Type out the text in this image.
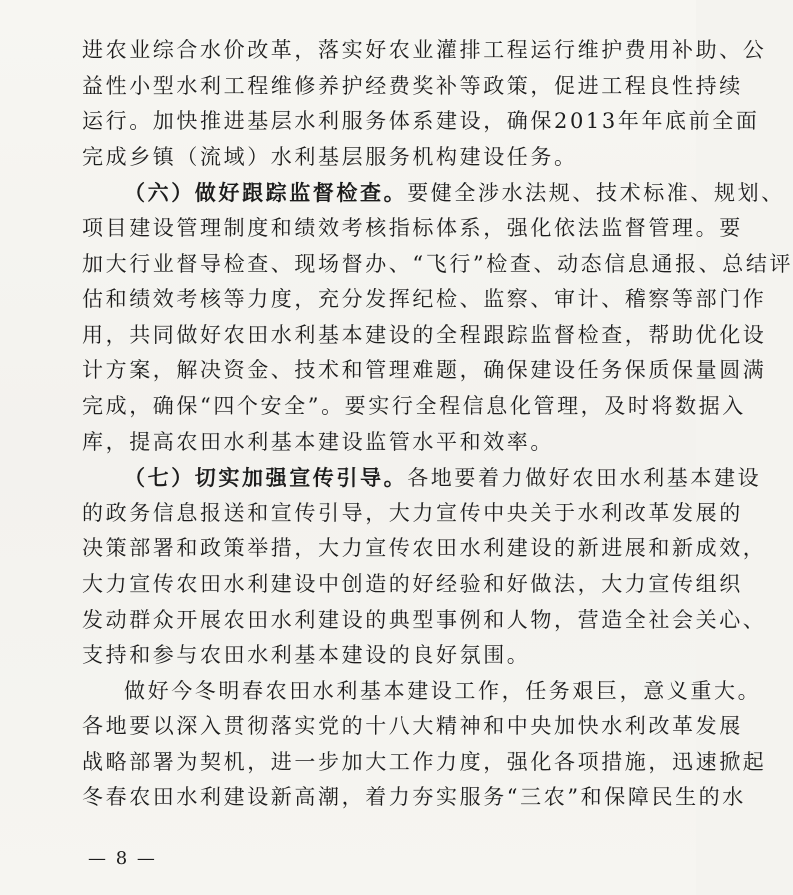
进农业综合水价改革，落实好农业灌排工程运行维护费用补助、公
益性小型水利工程维修养护经费奖补等政策，促进工程良性持续
运行。加快推进基层水利服务体系建设，确保2013年年底前全面
完成乡镇（流域）水利基层服务机构建设任务。
（六）做好跟踪监督检查。要健全涉水法规、技术标准、规划、
项目建设管理制度和绩效考核指标体系，强化依法监督管理。要
加大行业督导检查、现场督办、“飞行”检查、动态信息通报、总结评
估和绩效考核等力度，充分发挥纪检、监察、审计、稽察等部门作
用，共同做好农田水利基本建设的全程跟踪监督检查，帮助优化设
计方案，解决资金、技术和管理难题，确保建设任务保质保量圆满
完成，确保“四个安全”。要实行全程信息化管理，及时将数据入
库，提高农田水利基本建设监管水平和效率。
（七）切实加强宣传引导。各地要着力做好农田水利基本建设
的政务信息报送和宣传引导，大力宣传中央关于水利改革发展的
决策部署和政策举措，大力宣传农田水利建设的新进展和新成效，
大力宣传农田水利建设中创造的好经验和好做法，大力宣传组织
发动群众开展农田水利建设的典型事例和人物，营造全社会关心、
支持和参与农田水利基本建设的良好氛围。
做好今冬明春农田水利基本建设工作，任务艰巨，意义重大。
各地要以深入贯彻落实党的十八大精神和中央加快水利改革发展
战略部署为契机，进一步加大工作力度，强化各项措施，迅速掀起
冬春农田水利建设新高潮，着力夯实服务“三农”和保障民生的水
— 8 —
